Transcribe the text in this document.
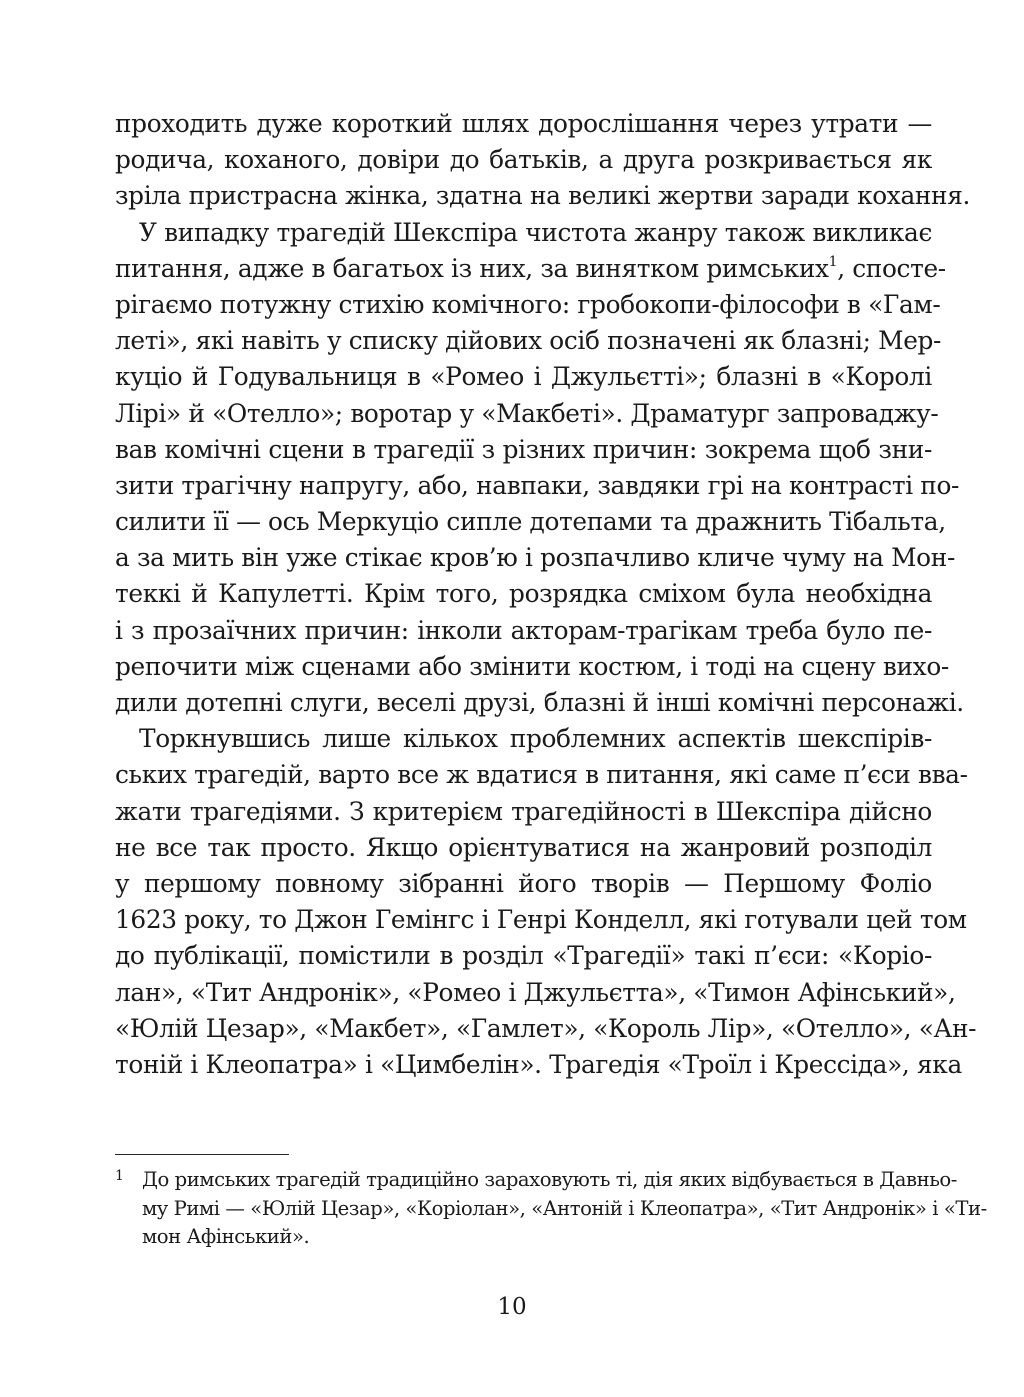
проходить дуже короткий шлях дорослішання через утрати —
родича, коханого, довіри до батьків, а друга розкривається як
зріла пристрасна жінка, здатна на великі жертви заради кохання.
У випадку трагедій Шекспіра чистота жанру також викликає
питання, адже в багатьох із них, за винятком римських$^1$, споcте-
рігаємо потужну стихію комічного: гробокопи-філософи в «Гам-
леті», які навіть у списку дійових осіб позначені як блазні; Мер-
куціо й Годувальниця в «Ромео і Джульєтті»; блазні в «Королі
Лірі» й «Отелло»; воротар у «Макбеті». Драматург запроваджу-
вав комічні сцени в трагедії з різних причин: зокрема щоб зни-
зити трагічну напругу, або, навпаки, завдяки грі на контрасті по-
силити її — ось Меркуціо сипле дотепами та дражнить Тібальта,
а за мить він уже стікає кров’ю і розпачливо кличе чуму на Мон-
теккі й Капулетті. Крім того, розрядка сміхом була необхідна
і з прозаїчних причин: інколи акторам-трагікам треба було пе-
репочити між сценами або змінити костюм, і тоді на сцену вихо-
дили дотепні слуги, веселі друзі, блазні й інші комічні персонажі.
Торкнувшись лише кількох проблемних аспектів шекспірів-
ських трагедій, варто все ж вдатися в питання, які саме п’єси вва-
жати трагедіями. З критерієм трагедійності в Шекспіра дійсно
не все так просто. Якщо орієнтуватися на жанровий розподіл
у першому повному зібранні його творів — Першому Фоліо
1623 року, то Джон Гемінгс і Генрі Конделл, які готували цей том
до публікації, помістили в розділ «Трагедії» такі п’єси: «Коріо-
лан», «Тит Андронік», «Ромео і Джульєтта», «Тимон Афінський»,
«Юлій Цезар», «Макбет», «Гамлет», «Король Лір», «Отелло», «Ан-
тоній і Клеопатра» і «Цимбелін». Трагедія «Троїл і Крессіда», яка
1 До римських трагедій традиційно зараховують ті, дія яких відбувається в Давньо-
му Римі — «Юлій Цезар», «Коріолан», «Антоній і Клеопатра», «Тит Андронік» і «Ти-
мон Афінський».
10
